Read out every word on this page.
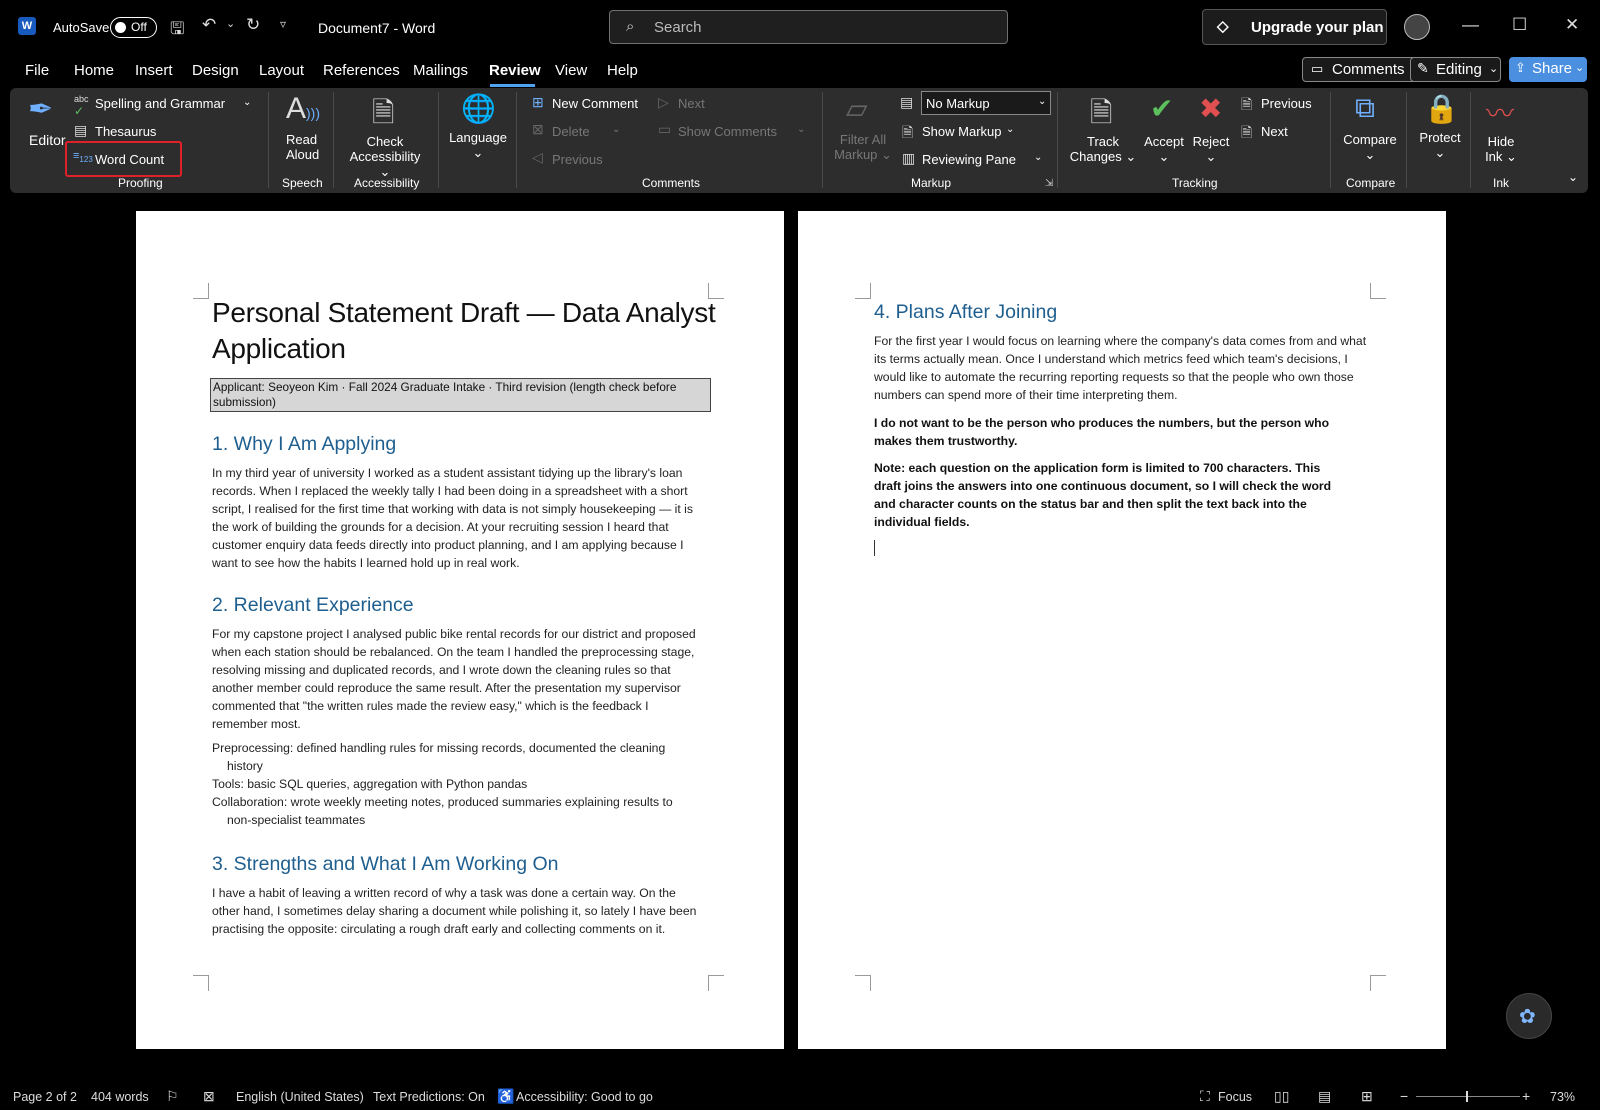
W AutoSave Off 🖫 ↶ ⌄ ↻ ▿ Document7 - Word	⌕ Search	◇ Upgrade your plan	— ☐ ✕
File Home Insert Design Layout References Mailings Review View Help	▭ Comments ✎ Editing ⌄ ⇪ Share ⌄
✒
Editor
abc
✓ Spelling and Grammar ⌄
▤ Thesaurus
$\equiv_{123}$ Word Count
Proofing
A)))
Read
Aloud
Speech
🗎
Check
Accessibility ⌄
Accessibility
🌐
Language
⌄
⊞ New Comment
⊠ Delete ⌄
◁ Previous
▷ Next
▭ Show Comments ⌄
Comments
▱
Filter All
Markup ⌄
▤ No Markup	⌄
🗎 Show Markup ⌄
▥ Reviewing Pane ⌄
Markup	⇲
🗎
Track
Changes ⌄
✔
Accept
⌄
✖
Reject
⌄
🗎 Previous
🗎 Next
Tracking
⧉
Compare
⌄
Compare
🔒
Protect
⌄
〰
Hide
Ink ⌄
Ink	⌄
Personal Statement Draft — Data Analyst
Application
Applicant: Seoyeon Kim · Fall 2024 Graduate Intake · Third revision (length check before submission)
1. Why I Am Applying
In my third year of university I worked as a student assistant tidying up the library's loan records. When I replaced the weekly tally I had been doing in a spreadsheet with a short script, I realised for the first time that working with data is not simply housekeeping — it is the work of building the grounds for a decision. At your recruiting session I heard that customer enquiry data feeds directly into product planning, and I am applying because I want to see how the habits I learned hold up in real work.
2. Relevant Experience
For my capstone project I analysed public bike rental records for our district and proposed when each station should be rebalanced. On the team I handled the preprocessing stage, resolving missing and duplicated records, and I wrote down the cleaning rules so that another member could reproduce the same result. After the presentation my supervisor commented that "the written rules made the review easy," which is the feedback I remember most.
Preprocessing: defined handling rules for missing records, documented the cleaning history
Tools: basic SQL queries, aggregation with Python pandas
Collaboration: wrote weekly meeting notes, produced summaries explaining results to non-specialist teammates
3. Strengths and What I Am Working On
I have a habit of leaving a written record of why a task was done a certain way. On the other hand, I sometimes delay sharing a document while polishing it, so lately I have been practising the opposite: circulating a rough draft early and collecting comments on it.
4. Plans After Joining
For the first year I would focus on learning where the company's data comes from and what its terms actually mean. Once I understand which metrics feed which team's decisions, I would like to automate the recurring reporting requests so that the people who own those numbers can spend more of their time interpreting them.
I do not want to be the person who produces the numbers, but the person who makes them trustworthy.
Note: each question on the application form is limited to 700 characters. This draft joins the answers into one continuous document, so I will check the word and character counts on the status bar and then split the text back into the individual fields.
✿
Page 2 of 2 404 words ⚐ ⊠ English (United States) Text Predictions: On ♿ Accessibility: Good to go	⛶ Focus ▯▯ ▤ ⊞ −	+ 73%
